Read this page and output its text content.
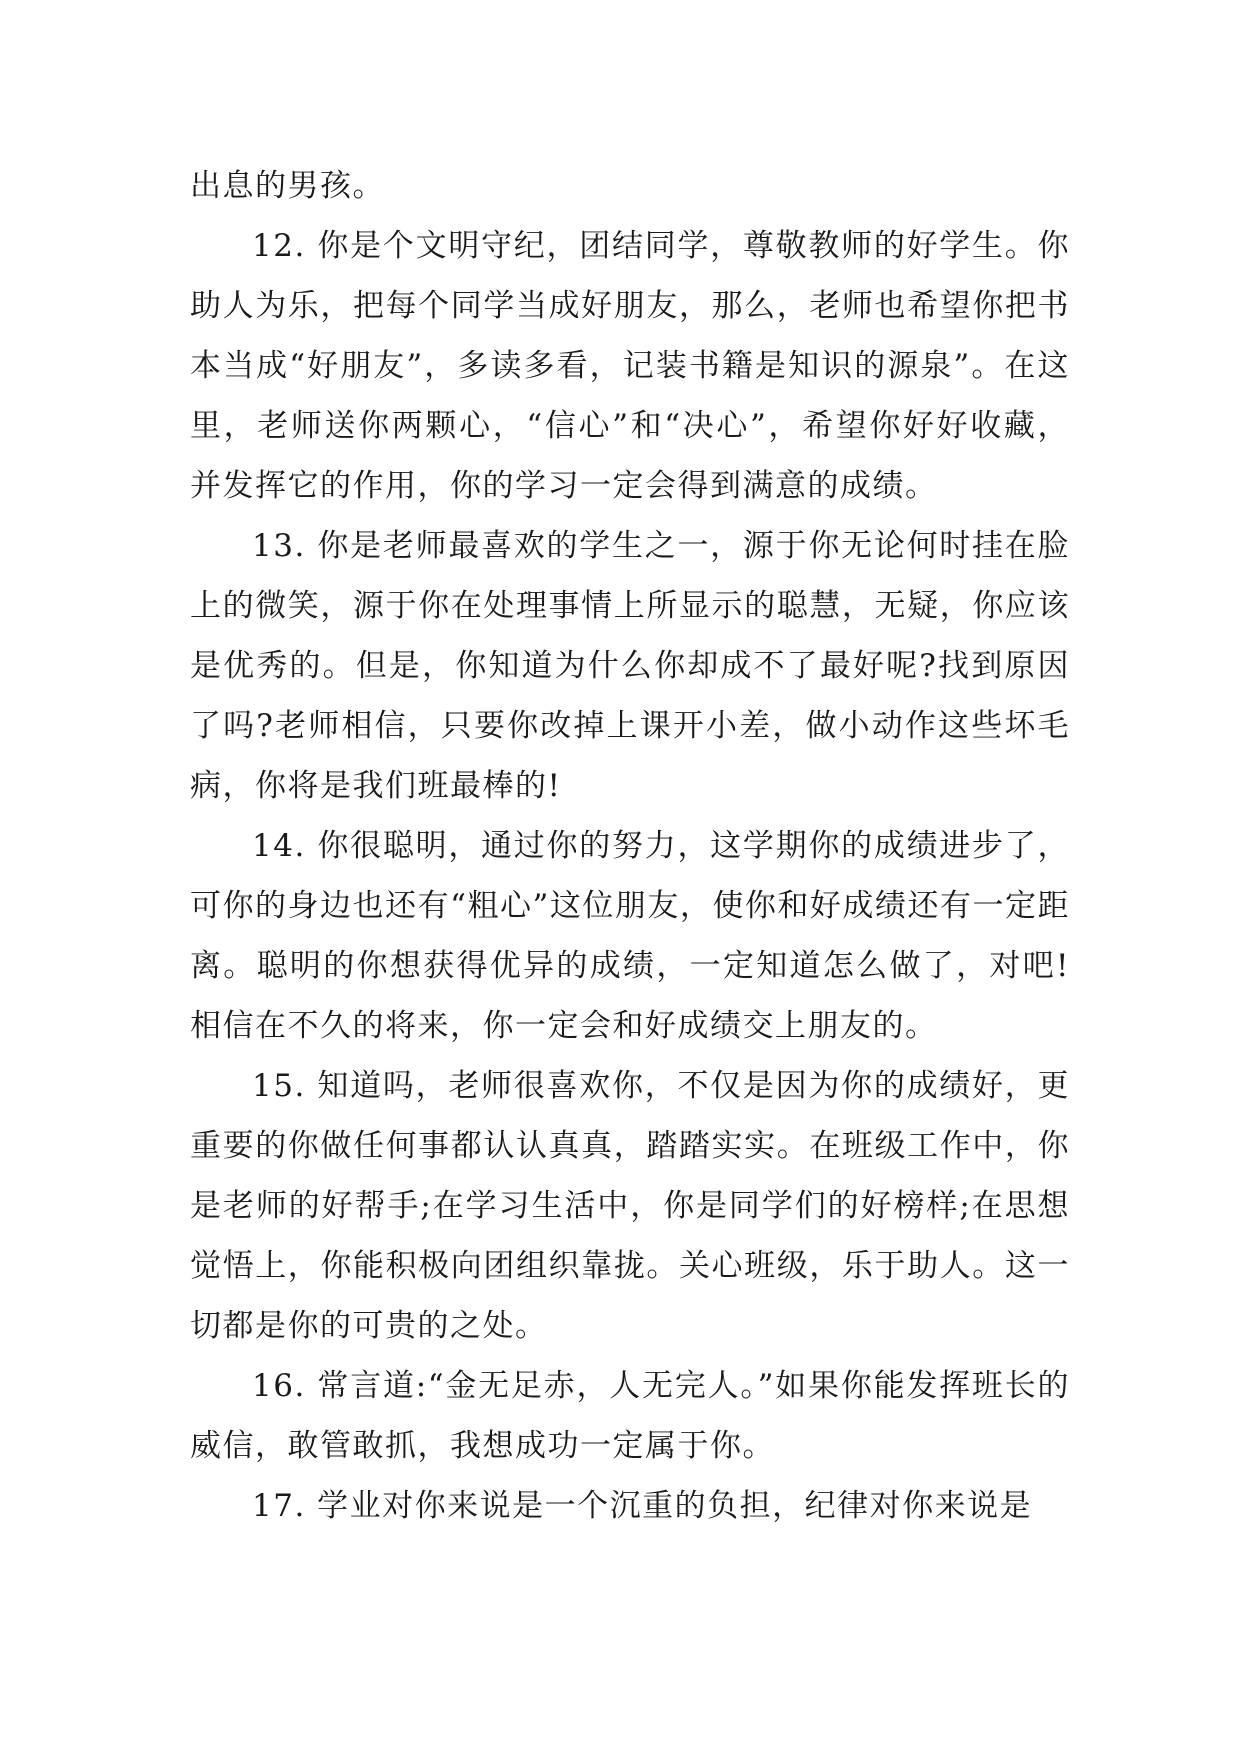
出息的男孩。

12. 你是个文明守纪，团结同学，尊敬教师的好学生。你助人为乐，把每个同学当成好朋友，那么，老师也希望你把书本当成“好朋友”，多读多看，记装书籍是知识的源泉”。在这里，老师送你两颗心，“信心”和“决心”，希望你好好收藏，并发挥它的作用，你的学习一定会得到满意的成绩。

13. 你是老师最喜欢的学生之一，源于你无论何时挂在脸上的微笑，源于你在处理事情上所显示的聪慧，无疑，你应该是优秀的。但是，你知道为什么你却成不了最好呢?找到原因了吗?老师相信，只要你改掉上课开小差，做小动作这些坏毛病，你将是我们班最棒的!

14. 你很聪明，通过你的努力，这学期你的成绩进步了，可你的身边也还有“粗心”这位朋友，使你和好成绩还有一定距离。聪明的你想获得优异的成绩，一定知道怎么做了，对吧!相信在不久的将来，你一定会和好成绩交上朋友的。

15. 知道吗，老师很喜欢你，不仅是因为你的成绩好，更重要的你做任何事都认认真真，踏踏实实。在班级工作中，你是老师的好帮手;在学习生活中，你是同学们的好榜样;在思想觉悟上，你能积极向团组织靠拢。关心班级，乐于助人。这一切都是你的可贵的之处。

16. 常言道:“金无足赤，人无完人。”如果你能发挥班长的威信，敢管敢抓，我想成功一定属于你。

17. 学业对你来说是一个沉重的负担，纪律对你来说是
